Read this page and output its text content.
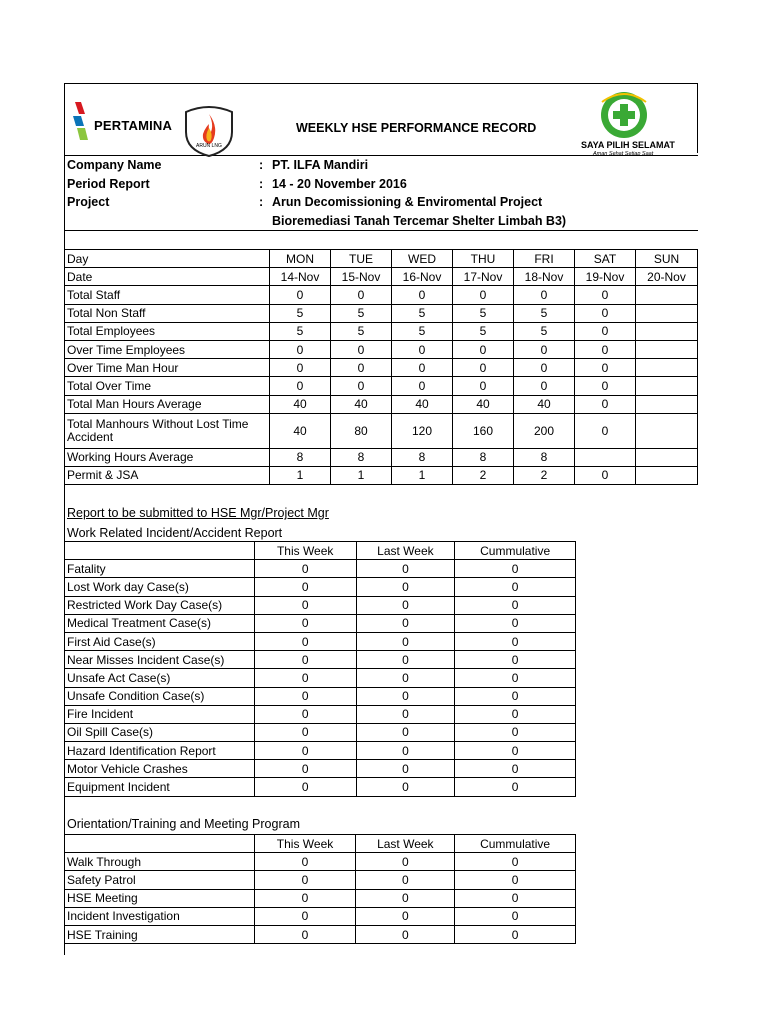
PERTAMINA
ARUN LNG
WEEKLY HSE PERFORMANCE RECORD
SAYA PILIH SELAMAT
Aman Sehat Setiap Saat
Company Name	: PT. ILFA Mandiri
Period Report	: 14 - 20 November 2016
Project	: Arun Decomissioning & Enviromental Project
Bioremediasi Tanah Tercemar Shelter Limbah B3)
Day	MON	TUE	WED	THU	FRI	SAT	SUN
Date	14-Nov	15-Nov	16-Nov	17-Nov	18-Nov	19-Nov	20-Nov
Total Staff	0	0	0	0	0	0	
Total Non Staff	5	5	5	5	5	0	
Total Employees	5	5	5	5	5	0	
Over Time Employees	0	0	0	0	0	0	
Over Time Man Hour	0	0	0	0	0	0	
Total Over Time	0	0	0	0	0	0	
Total Man Hours Average	40	40	40	40	40	0	

Total Manhours Without Lost Time
Accident	40	80	120	160	200	0	
Working Hours Average	8	8	8	8	8		
Permit & JSA	1	1	1	2	2	0	
Report to be submitted to HSE Mgr/Project Mgr
Work Related Incident/Accident Report
	This Week	Last Week	Cummulative
Fatality	0	0	0
Lost Work day Case(s)	0	0	0
Restricted Work Day Case(s)	0	0	0
Medical Treatment Case(s)	0	0	0
First Aid Case(s)	0	0	0
Near Misses Incident Case(s)	0	0	0
Unsafe Act Case(s)	0	0	0
Unsafe Condition Case(s)	0	0	0
Fire Incident	0	0	0
Oil Spill Case(s)	0	0	0
Hazard Identification Report	0	0	0
Motor Vehicle Crashes	0	0	0
Equipment Incident	0	0	0
Orientation/Training and Meeting Program
	This Week	Last Week	Cummulative
Walk Through	0	0	0
Safety Patrol	0	0	0
HSE Meeting	0	0	0
Incident Investigation	0	0	0
HSE Training	0	0	0
